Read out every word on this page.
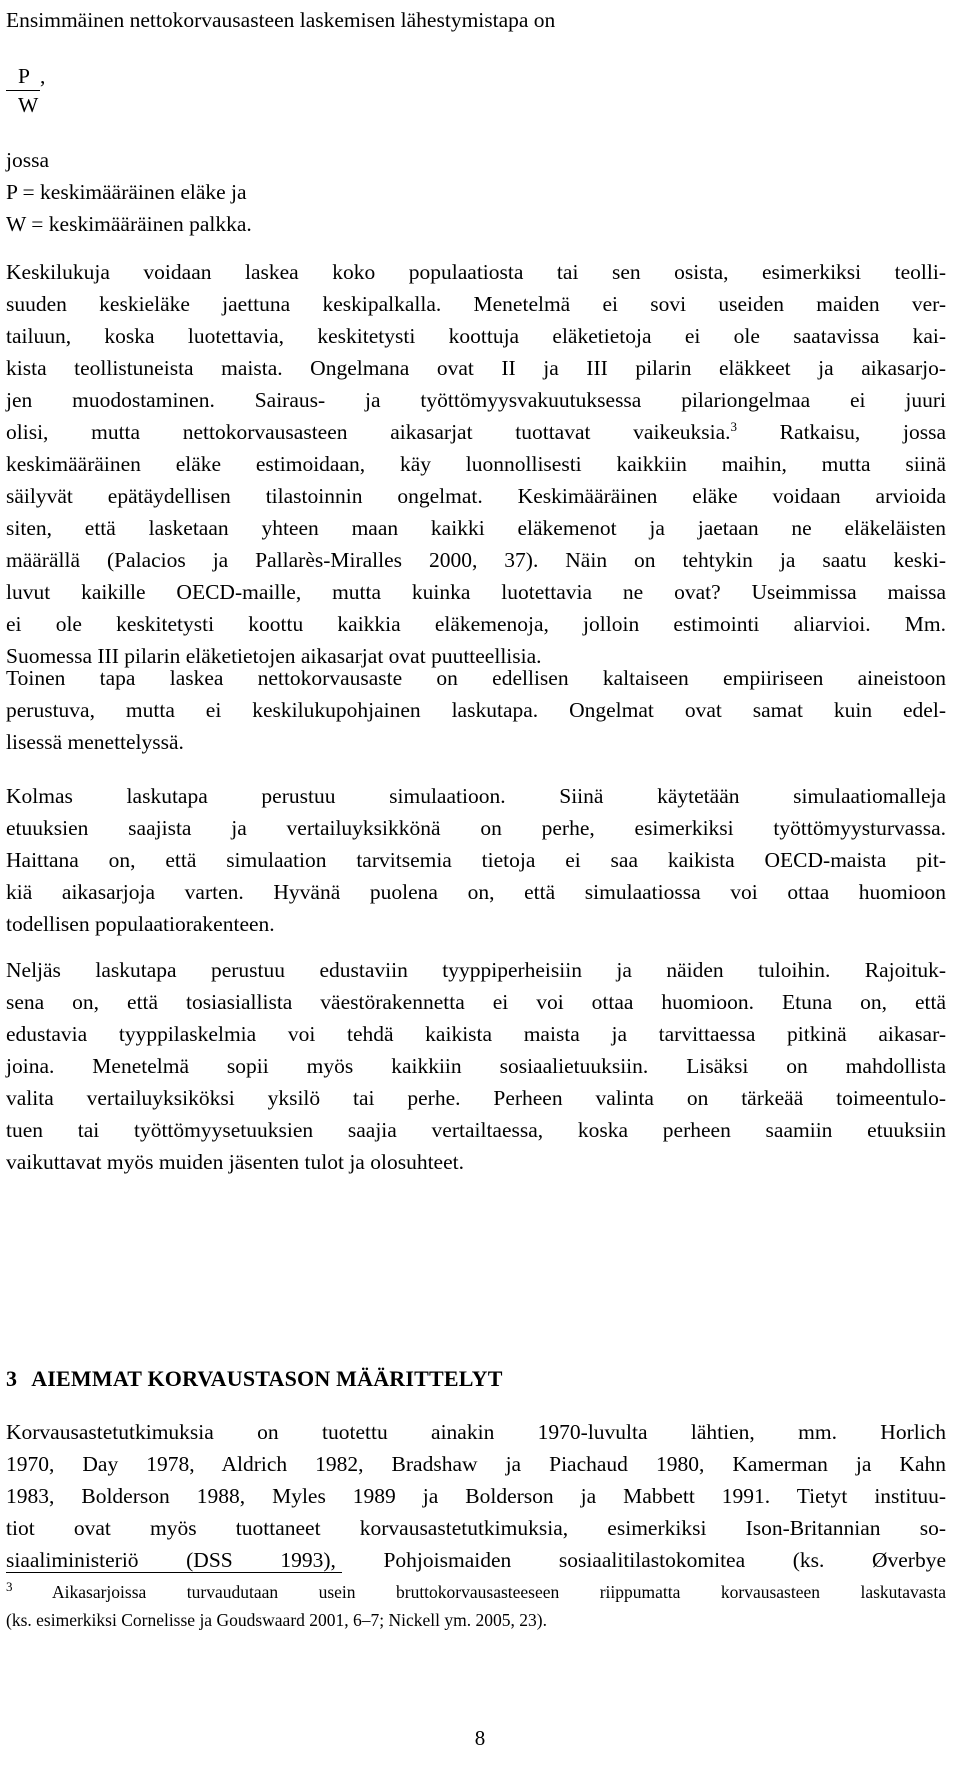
Ensimmäinen nettokorvausasteen laskemisen lähestymistapa on

P ,
W
jossa
P = keskimääräinen eläke ja
W = keskimääräinen palkka.
Keskilukuja voidaan laskea koko populaatiosta tai sen osista, esimerkiksi teolli-
suuden keskieläke jaettuna keskipalkalla. Menetelmä ei sovi useiden maiden ver-
tailuun, koska luotettavia, keskitetysti koottuja eläketietoja ei ole saatavissa kai-
kista teollistuneista maista. Ongelmana ovat II ja III pilarin eläkkeet ja aikasarjo-
jen muodostaminen. Sairaus- ja työttömyysvakuutuksessa pilariongelmaa ei juuri
olisi, mutta nettokorvausasteen aikasarjat tuottavat vaikeuksia.$^3$ Ratkaisu, jossa
keskimääräinen eläke estimoidaan, käy luonnollisesti kaikkiin maihin, mutta siinä
säilyvät epätäydellisen tilastoinnin ongelmat. Keskimääräinen eläke voidaan arvioida
siten, että lasketaan yhteen maan kaikki eläkemenot ja jaetaan ne eläkeläisten
määrällä (Palacios ja Pallarès-Miralles 2000, 37). Näin on tehtykin ja saatu keski-
luvut kaikille OECD-maille, mutta kuinka luotettavia ne ovat? Useimmissa maissa
ei ole keskitetysti koottu kaikkia eläkemenoja, jolloin estimointi aliarvioi. Mm.
Suomessa III pilarin eläketietojen aikasarjat ovat puutteellisia.
Toinen tapa laskea nettokorvausaste on edellisen kaltaiseen empiiriseen aineistoon
perustuva, mutta ei keskilukupohjainen laskutapa. Ongelmat ovat samat kuin edel-
lisessä menettelyssä.
Kolmas laskutapa perustuu simulaatioon. Siinä käytetään simulaatiomalleja
etuuksien saajista ja vertailuyksikkönä on perhe, esimerkiksi työttömyysturvassa.
Haittana on, että simulaation tarvitsemia tietoja ei saa kaikista OECD-maista pit-
kiä aikasarjoja varten. Hyvänä puolena on, että simulaatiossa voi ottaa huomioon
todellisen populaatiorakenteen.
Neljäs laskutapa perustuu edustaviin tyyppiperheisiin ja näiden tuloihin. Rajoituk-
sena on, että tosiasiallista väestörakennetta ei voi ottaa huomioon. Etuna on, että
edustavia tyyppilaskelmia voi tehdä kaikista maista ja tarvittaessa pitkinä aikasar-
joina. Menetelmä sopii myös kaikkiin sosiaalietuuksiin. Lisäksi on mahdollista
valita vertailuyksiköksi yksilö tai perhe. Perheen valinta on tärkeää toimeentulo-
tuen tai työttömyysetuuksien saajia vertailtaessa, koska perheen saamiin etuuksiin
vaikuttavat myös muiden jäsenten tulot ja olosuhteet.
3 AIEMMAT KORVAUSTASON MÄÄRITTELYT
Korvausastetutkimuksia on tuotettu ainakin 1970-luvulta lähtien, mm. Horlich
1970, Day 1978, Aldrich 1982, Bradshaw ja Piachaud 1980, Kamerman ja Kahn
1983, Bolderson 1988, Myles 1989 ja Bolderson ja Mabbett 1991. Tietyt instituu-
tiot ovat myös tuottaneet korvausastetutkimuksia, esimerkiksi Ison-Britannian so-
siaaliministeriö (DSS 1993), Pohjoismaiden sosiaalitilastokomitea (ks. Øverbye
$^3$ Aikasarjoissa turvaudutaan usein bruttokorvausasteeseen riippumatta korvausasteen laskutavasta
(ks. esimerkiksi Cornelisse ja Goudswaard 2001, 6–7; Nickell ym. 2005, 23).
8
